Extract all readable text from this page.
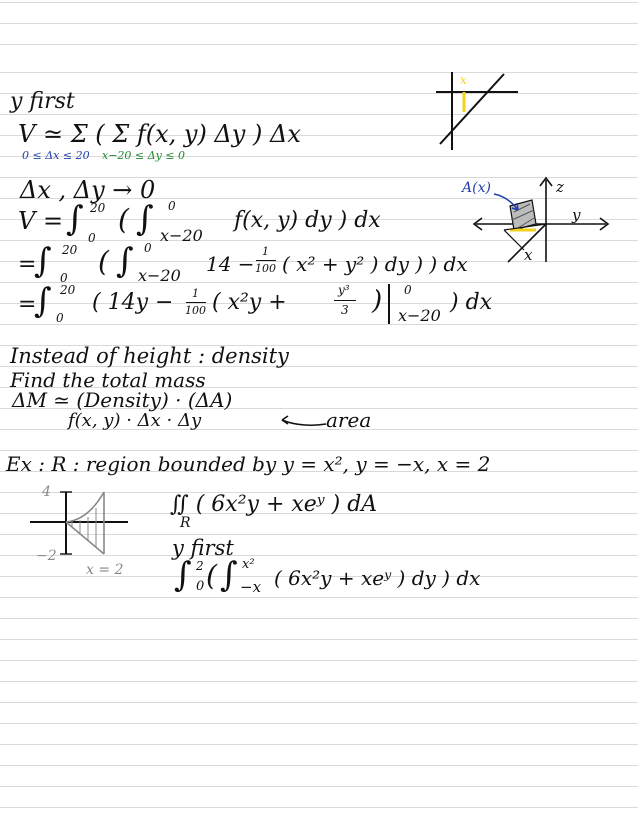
y first
V ≃ Σ ( Σ f(x, y) Δy ) Δx
0 ≤ Δx ≤ 20 x−20 ≤ Δy ≤ 0
Δx , Δy → 0
V = ∫ 20
0
( ∫ 0
x−20
f(x, y) dy ) dx
=
∫ 20
0 ( ∫ 0
x−20 14 −
1
100 ( x² + y² ) dy ) ) dx
=
∫ 20
0
( 14y − 1
100 ( x²y +	y³
3 ) 0
x−20
) dx
Instead of height : density
Find the total mass
ΔM ≃ (Density) · (ΔA)
f(x, y) · Δx · Δy	area
Ex : R : region bounded by y = x², y = −x, x = 2
∬ ( 6x²y + xeʸ ) dA
R
y first
∫ 2
0 ( ∫ x²
−x ( 6x²y + xeʸ ) dy ) dx
x
z
y
x
A(x)
4
−2
x = 2
